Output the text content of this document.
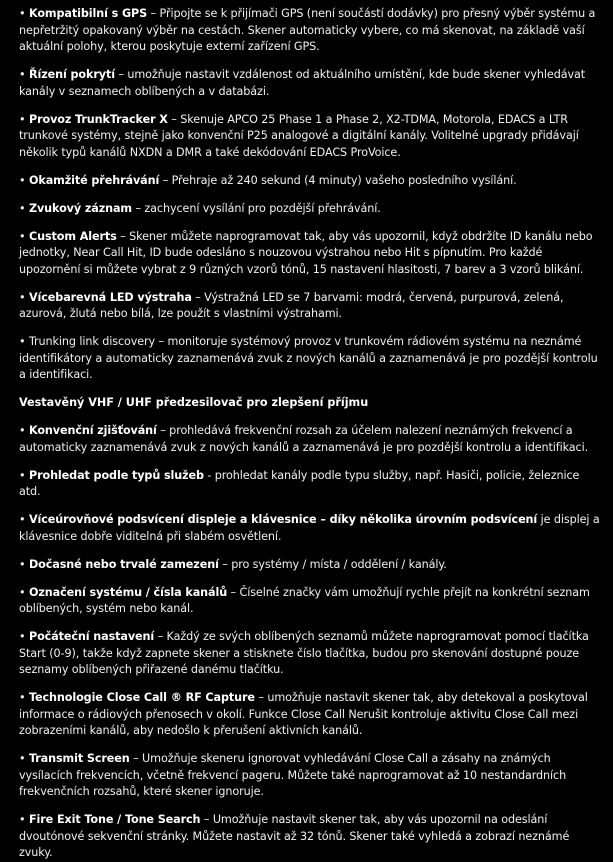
• Kompatibilní s GPS – Připojte se k přijímači GPS (není součástí dodávky) pro přesný výběr systému a nepřetržitý opakovaný výběr na cestách. Skener automaticky vybere, co má skenovat, na základě vaší aktuální polohy, kterou poskytuje externí zařízení GPS.
• Řízení pokrytí – umožňuje nastavit vzdálenost od aktuálního umístění, kde bude skener vyhledávat kanály v seznamech oblíbených a v databázi.
• Provoz TrunkTracker X – Skenuje APCO 25 Phase 1 a Phase 2, X2-TDMA, Motorola, EDACS a LTR trunkové systémy, stejně jako konvenční P25 analogové a digitální kanály. Volitelné upgrady přidávají několik typů kanálů NXDN a DMR a také dekódování EDACS ProVoice.
• Okamžité přehrávání – Přehraje až 240 sekund (4 minuty) vašeho posledního vysílání.
• Zvukový záznam – zachycení vysílání pro pozdější přehrávání.
• Custom Alerts – Skener můžete naprogramovat tak, aby vás upozornil, když obdržíte ID kanálu nebo jednotky, Near Call Hit, ID bude odesláno s nouzovou výstrahou nebo Hit s pípnutím. Pro každé upozornění si můžete vybrat z 9 různých vzorů tónů, 15 nastavení hlasitosti, 7 barev a 3 vzorů blikání.
• Vícebarevná LED výstraha – Výstražná LED se 7 barvami: modrá, červená, purpurová, zelená, azurová, žlutá nebo bílá, lze použít s vlastními výstrahami.
• Trunking link discovery – monitoruje systémový provoz v trunkovém rádiovém systému na neznámé identifikátory a automaticky zaznamenává zvuk z nových kanálů a zaznamenává je pro pozdější kontrolu a identifikaci.
Vestavěný VHF / UHF předzesilovač pro zlepšení příjmu
• Konvenční zjišťování – prohledává frekvenční rozsah za účelem nalezení neznámých frekvencí a automaticky zaznamenává zvuk z nových kanálů a zaznamenává je pro pozdější kontrolu a identifikaci.
• Prohledat podle typů služeb - prohledat kanály podle typu služby, např. Hasiči, policie, železnice atd.
• Víceúrovňové podsvícení displeje a klávesnice – díky několika úrovním podsvícení je displej a klávesnice dobře viditelná při slabém osvětlení.
• Dočasné nebo trvalé zamezení – pro systémy / místa / oddělení / kanály.
• Označení systému / čísla kanálů – Číselné značky vám umožňují rychle přejít na konkrétní seznam oblíbených, systém nebo kanál.
• Počáteční nastavení – Každý ze svých oblíbených seznamů můžete naprogramovat pomocí tlačítka Start (0-9), takže když zapnete skener a stisknete číslo tlačítka, budou pro skenování dostupné pouze seznamy oblíbených přiřazené danému tlačítku.
• Technologie Close Call ® RF Capture – umožňuje nastavit skener tak, aby detekoval a poskytoval informace o rádiových přenosech v okolí. Funkce Close Call Nerušit kontroluje aktivitu Close Call mezi zobrazeními kanálů, aby nedošlo k přerušení aktivních kanálů.
• Transmit Screen – Umožňuje skeneru ignorovat vyhledávání Close Call a zásahy na známých vysílacích frekvencích, včetně frekvencí pageru. Můžete také naprogramovat až 10 nestandardních frekvenčních rozsahů, které skener ignoruje.
• Fire Exit Tone / Tone Search – Umožňuje nastavit skener tak, aby vás upozornil na odeslání dvoutónové sekvenční stránky. Můžete nastavit až 32 tónů. Skener také vyhledá a zobrazí neznámé zvuky.
